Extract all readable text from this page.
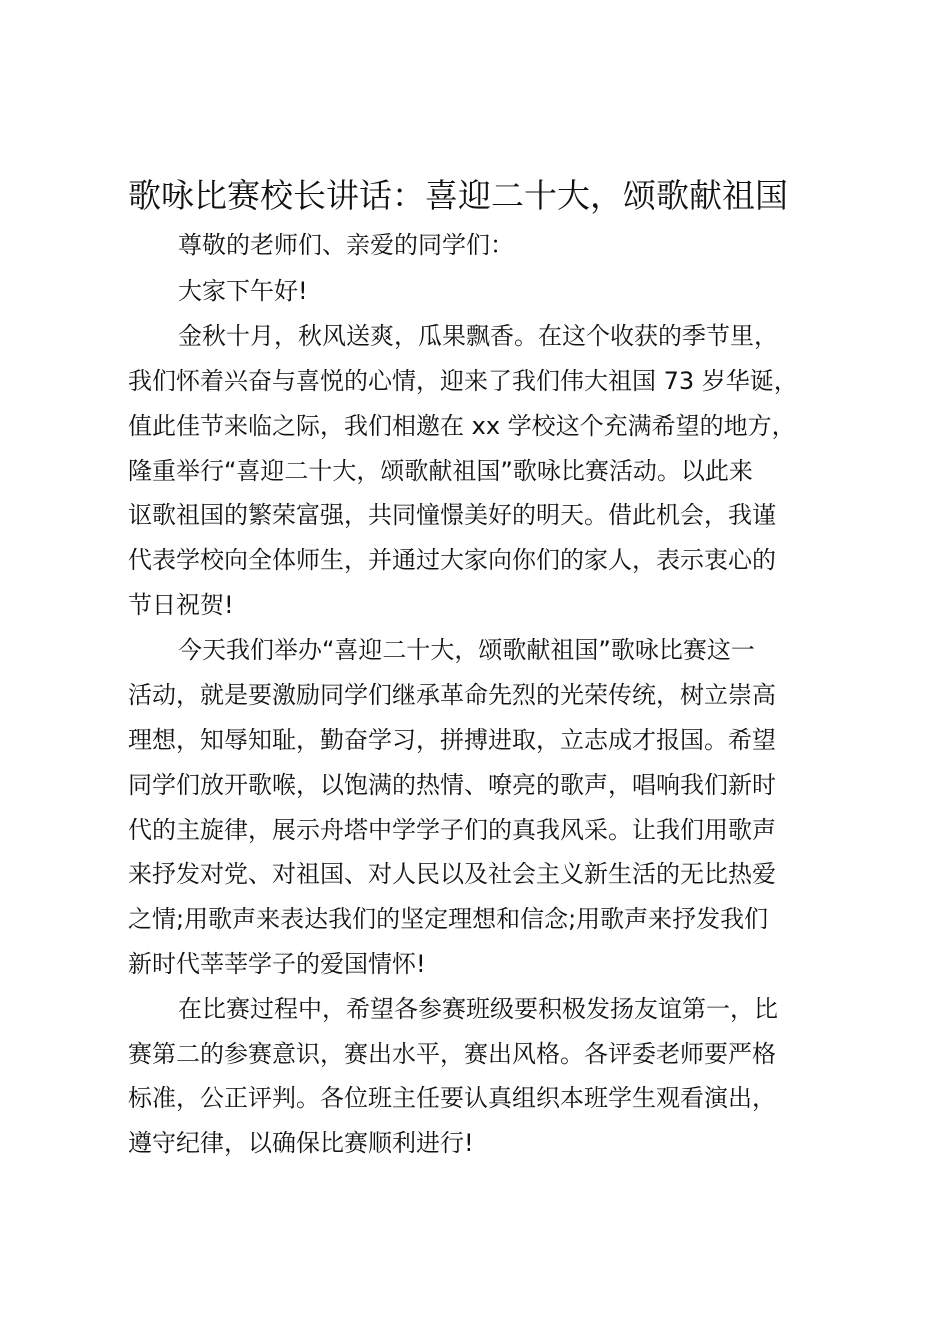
歌咏比赛校长讲话：喜迎二十大，颂歌献祖国

尊敬的老师们、亲爱的同学们：

大家下午好!

金秋十月，秋风送爽，瓜果飘香。在这个收获的季节里，

我们怀着兴奋与喜悦的心情，迎来了我们伟大祖国 73 岁华诞，

值此佳节来临之际，我们相邀在 xx 学校这个充满希望的地方，

隆重举行“喜迎二十大，颂歌献祖国”歌咏比赛活动。以此来

讴歌祖国的繁荣富强，共同憧憬美好的明天。借此机会，我谨

代表学校向全体师生，并通过大家向你们的家人，表示衷心的

节日祝贺!

今天我们举办“喜迎二十大，颂歌献祖国”歌咏比赛这一

活动，就是要激励同学们继承革命先烈的光荣传统，树立崇高

理想，知辱知耻，勤奋学习，拼搏进取，立志成才报国。希望

同学们放开歌喉，以饱满的热情、嘹亮的歌声，唱响我们新时

代的主旋律，展示舟塔中学学子们的真我风采。让我们用歌声

来抒发对党、对祖国、对人民以及社会主义新生活的无比热爱

之情;用歌声来表达我们的坚定理想和信念;用歌声来抒发我们

新时代莘莘学子的爱国情怀!

在比赛过程中，希望各参赛班级要积极发扬友谊第一，比

赛第二的参赛意识，赛出水平，赛出风格。各评委老师要严格

标准，公正评判。各位班主任要认真组织本班学生观看演出，

遵守纪律，以确保比赛顺利进行!
